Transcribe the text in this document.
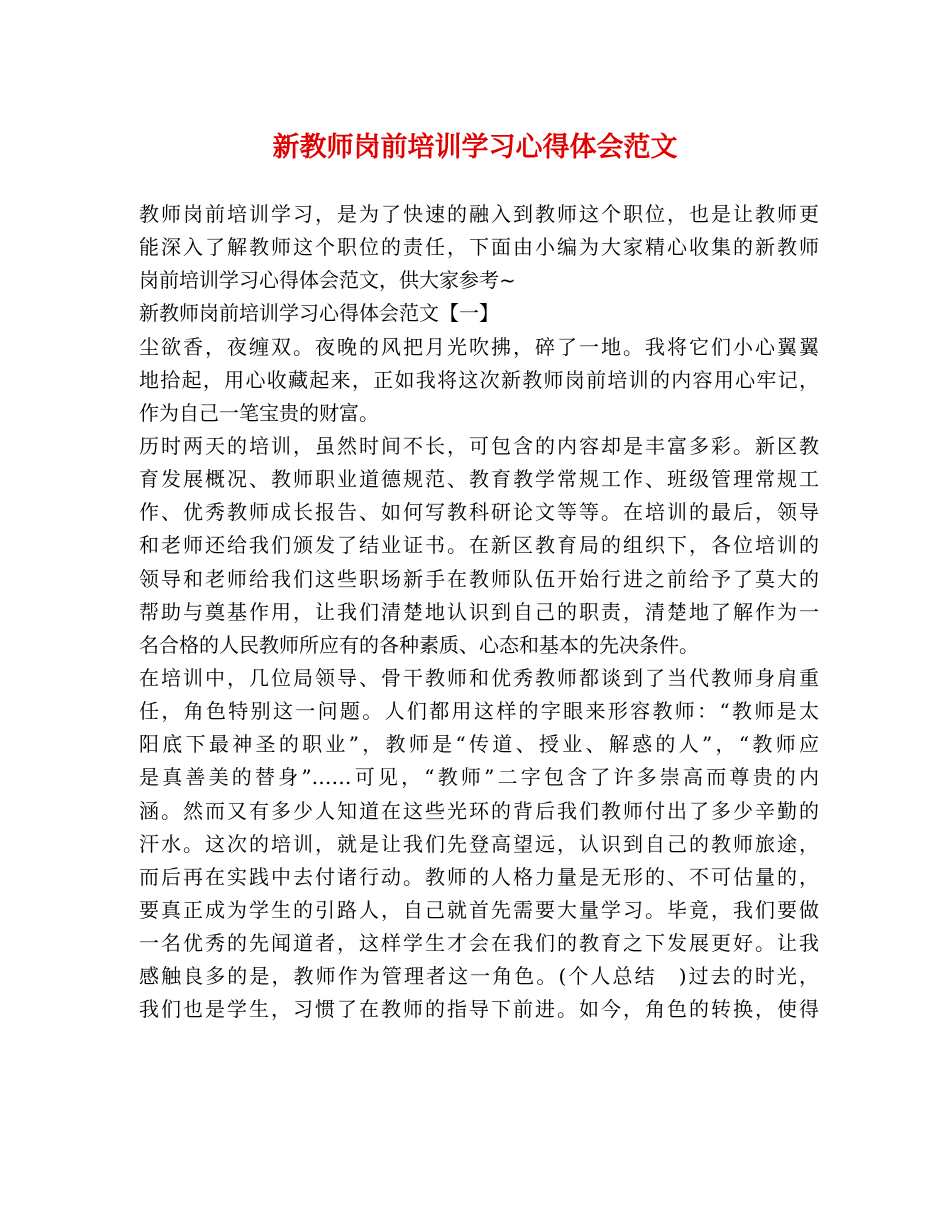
新教师岗前培训学习心得体会范文
教师岗前培训学习，是为了快速的融入到教师这个职位，也是让教师更
能深入了解教师这个职位的责任，下面由小编为大家精心收集的新教师
岗前培训学习心得体会范文，供大家参考~
新教师岗前培训学习心得体会范文【一】
尘欲香，夜缠双。夜晚的风把月光吹拂，碎了一地。我将它们小心翼翼
地拾起，用心收藏起来，正如我将这次新教师岗前培训的内容用心牢记，
作为自己一笔宝贵的财富。
历时两天的培训，虽然时间不长，可包含的内容却是丰富多彩。新区教
育发展概况、教师职业道德规范、教育教学常规工作、班级管理常规工
作、优秀教师成长报告、如何写教科研论文等等。在培训的最后，领导
和老师还给我们颁发了结业证书。在新区教育局的组织下，各位培训的
领导和老师给我们这些职场新手在教师队伍开始行进之前给予了莫大的
帮助与奠基作用，让我们清楚地认识到自己的职责，清楚地了解作为一
名合格的人民教师所应有的各种素质、心态和基本的先决条件。
在培训中，几位局领导、骨干教师和优秀教师都谈到了当代教师身肩重
任，角色特别这一问题。人们都用这样的字眼来形容教师：“教师是太
阳底下最神圣的职业”，教师是“传道、授业、解惑的人”，“教师应
是真善美的替身”……可见，“教师”二字包含了许多崇高而尊贵的内
涵。然而又有多少人知道在这些光环的背后我们教师付出了多少辛勤的
汗水。这次的培训，就是让我们先登高望远，认识到自己的教师旅途，
而后再在实践中去付诸行动。教师的人格力量是无形的、不可估量的，
要真正成为学生的引路人，自己就首先需要大量学习。毕竟，我们要做
一名优秀的先闻道者，这样学生才会在我们的教育之下发展更好。让我
感触良多的是，教师作为管理者这一角色。(个人总结　)过去的时光，
我们也是学生，习惯了在教师的指导下前进。如今，角色的转换，使得
